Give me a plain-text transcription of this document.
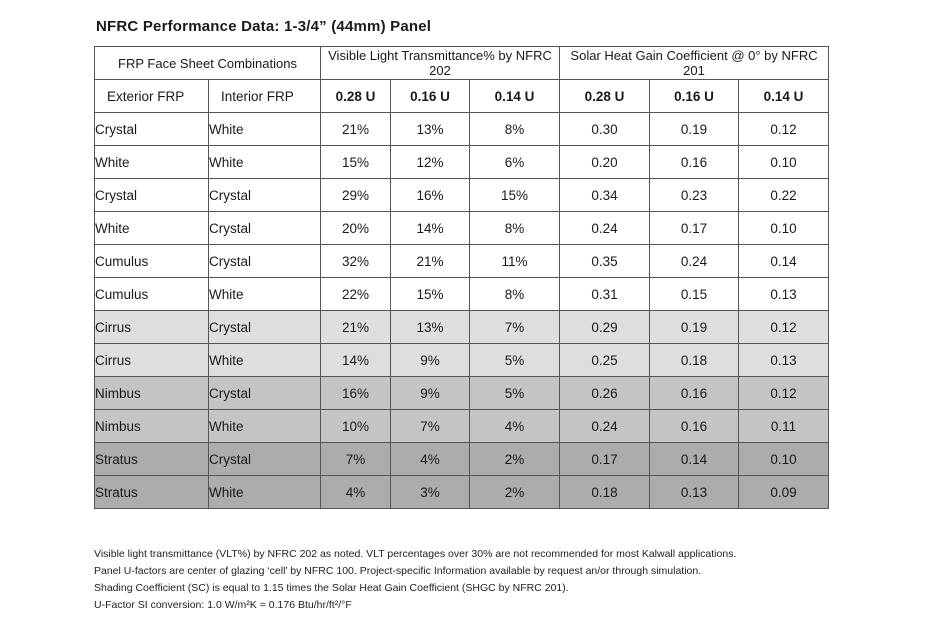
NFRC Performance Data: 1-3/4” (44mm) Panel
FRP Face Sheet Combinations		Visible Light Transmittance% by NFRC 202			Solar Heat Gain Coefficient @ 0° by NFRC 201		
Exterior FRP	Interior FRP	0.28 U	0.16 U	0.14 U	0.28 U	0.16 U	0.14 U
Crystal	White	21%	13%	8%	0.30	0.19	0.12
White	White	15%	12%	6%	0.20	0.16	0.10
Crystal	Crystal	29%	16%	15%	0.34	0.23	0.22
White	Crystal	20%	14%	8%	0.24	0.17	0.10
Cumulus	Crystal	32%	21%	11%	0.35	0.24	0.14
Cumulus	White	22%	15%	8%	0.31	0.15	0.13
Cirrus	Crystal	21%	13%	7%	0.29	0.19	0.12
Cirrus	White	14%	9%	5%	0.25	0.18	0.13
Nimbus	Crystal	16%	9%	5%	0.26	0.16	0.12
Nimbus	White	10%	7%	4%	0.24	0.16	0.11
Stratus	Crystal	7%	4%	2%	0.17	0.14	0.10
Stratus	White	4%	3%	2%	0.18	0.13	0.09
Visible light transmittance (VLT%) by NFRC 202 as noted. VLT percentages over 30% are not recommended for most Kalwall applications.
Panel U-factors are center of glazing ‘cell’ by NFRC 100. Project-specific Information available by request an/or through simulation.
Shading Coefficient (SC) is equal to 1.15 times the Solar Heat Gain Coefficient (SHGC by NFRC 201).
U-Factor SI conversion: 1.0 W/m²K = 0.176 Btu/hr/ft²/°F
